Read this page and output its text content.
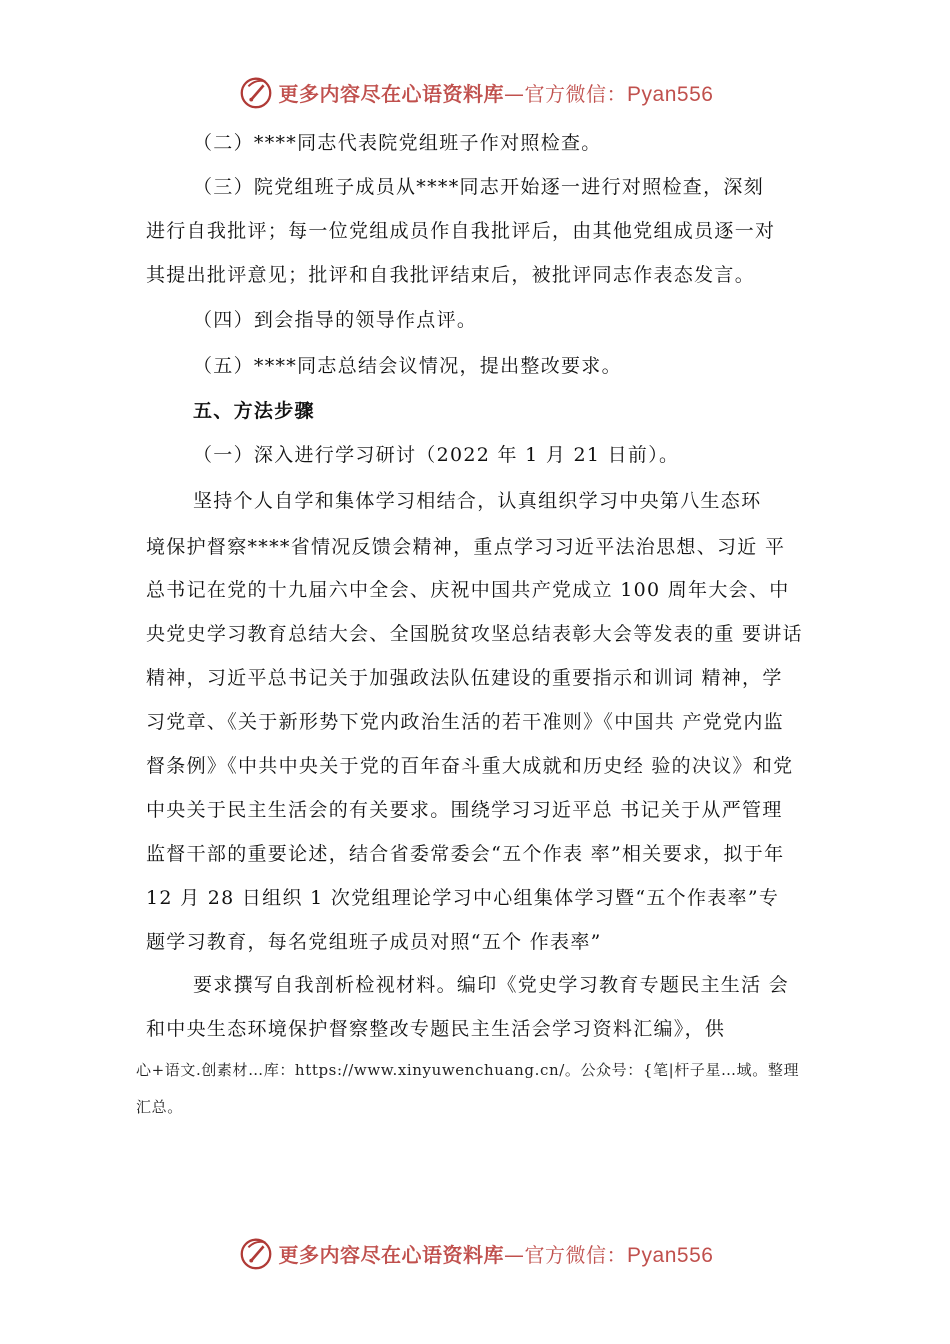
更多内容尽在心语资料库—官方微信：Pyan556
（二）****同志代表院党组班子作对照检查。
（三）院党组班子成员从****同志开始逐一进行对照检查，深刻
进行自我批评；每一位党组成员作自我批评后，由其他党组成员逐一对
其提出批评意见；批评和自我批评结束后，被批评同志作表态发言。
（四）到会指导的领导作点评。
（五）****同志总结会议情况，提出整改要求。
五、方法步骤
（一）深入进行学习研讨（2022 年 1 月 21 日前）。
坚持个人自学和集体学习相结合，认真组织学习中央第八生态环
境保护督察****省情况反馈会精神，重点学习习近平法治思想、习近 平
总书记在党的十九届六中全会、庆祝中国共产党成立 100 周年大会、中
央党史学习教育总结大会、全国脱贫攻坚总结表彰大会等发表的重 要讲话
精神，习近平总书记关于加强政法队伍建设的重要指示和训词 精神，学
习党章、《关于新形势下党内政治生活的若干准则》《中国共 产党党内监
督条例》《中共中央关于党的百年奋斗重大成就和历史经 验的决议》和党
中央关于民主生活会的有关要求。围绕学习习近平总 书记关于从严管理
监督干部的重要论述，结合省委常委会“五个作表 率”相关要求，拟于年
12 月 28 日组织 1 次党组理论学习中心组集体学习暨“五个作表率”专
题学习教育，每名党组班子成员对照“五个 作表率”
要求撰写自我剖析检视材料。编印《党史学习教育专题民主生活 会
和中央生态环境保护督察整改专题民主生活会学习资料汇编》，供
心+语文.创素材…库：https://www.xinyuwenchuang.cn/。公众号：{笔|杆子星…域。整理
汇总。
更多内容尽在心语资料库—官方微信：Pyan556
